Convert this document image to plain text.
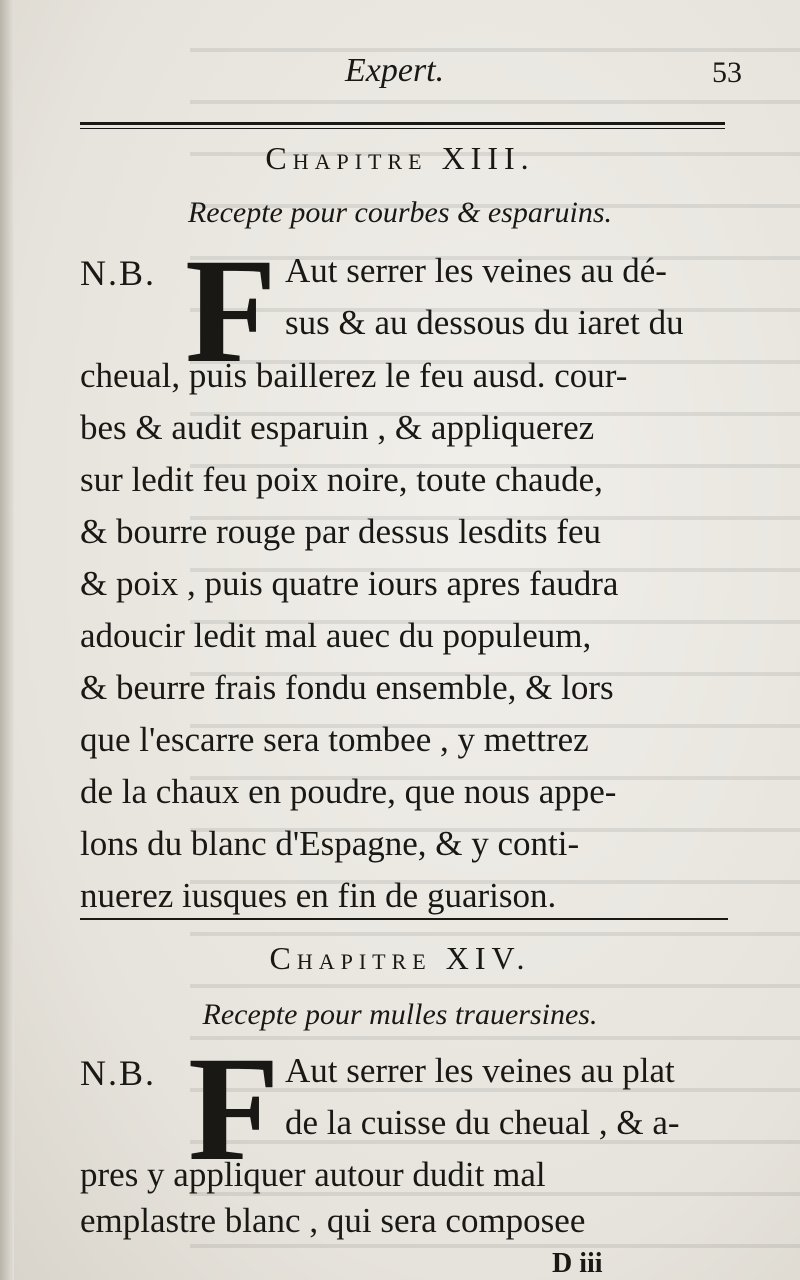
Expert.	53
Chapitre XIII.
Recepte pour courbes & esparuins.
N.B. F Aut serrer les veines au dé-
sus & au dessous du iaret du
cheual, puis baillerez le feu ausd. cour-
bes & audit esparuin , & appliquerez
sur ledit feu poix noire, toute chaude,
& bourre rouge par dessus lesdits feu
& poix , puis quatre iours apres faudra
adoucir ledit mal auec du populeum,
& beurre frais fondu ensemble, & lors
que l'escarre sera tombee , y mettrez
de la chaux en poudre, que nous appe-
lons du blanc d'Espagne, & y conti-
nuerez iusques en fin de guarison.
Chapitre XIV.
Recepte pour mulles trauersines.
N.B. F Aut serrer les veines au plat
de la cuisse du cheual , & a-
pres y appliquer autour dudit mal
emplastre blanc , qui sera composee
D iii
